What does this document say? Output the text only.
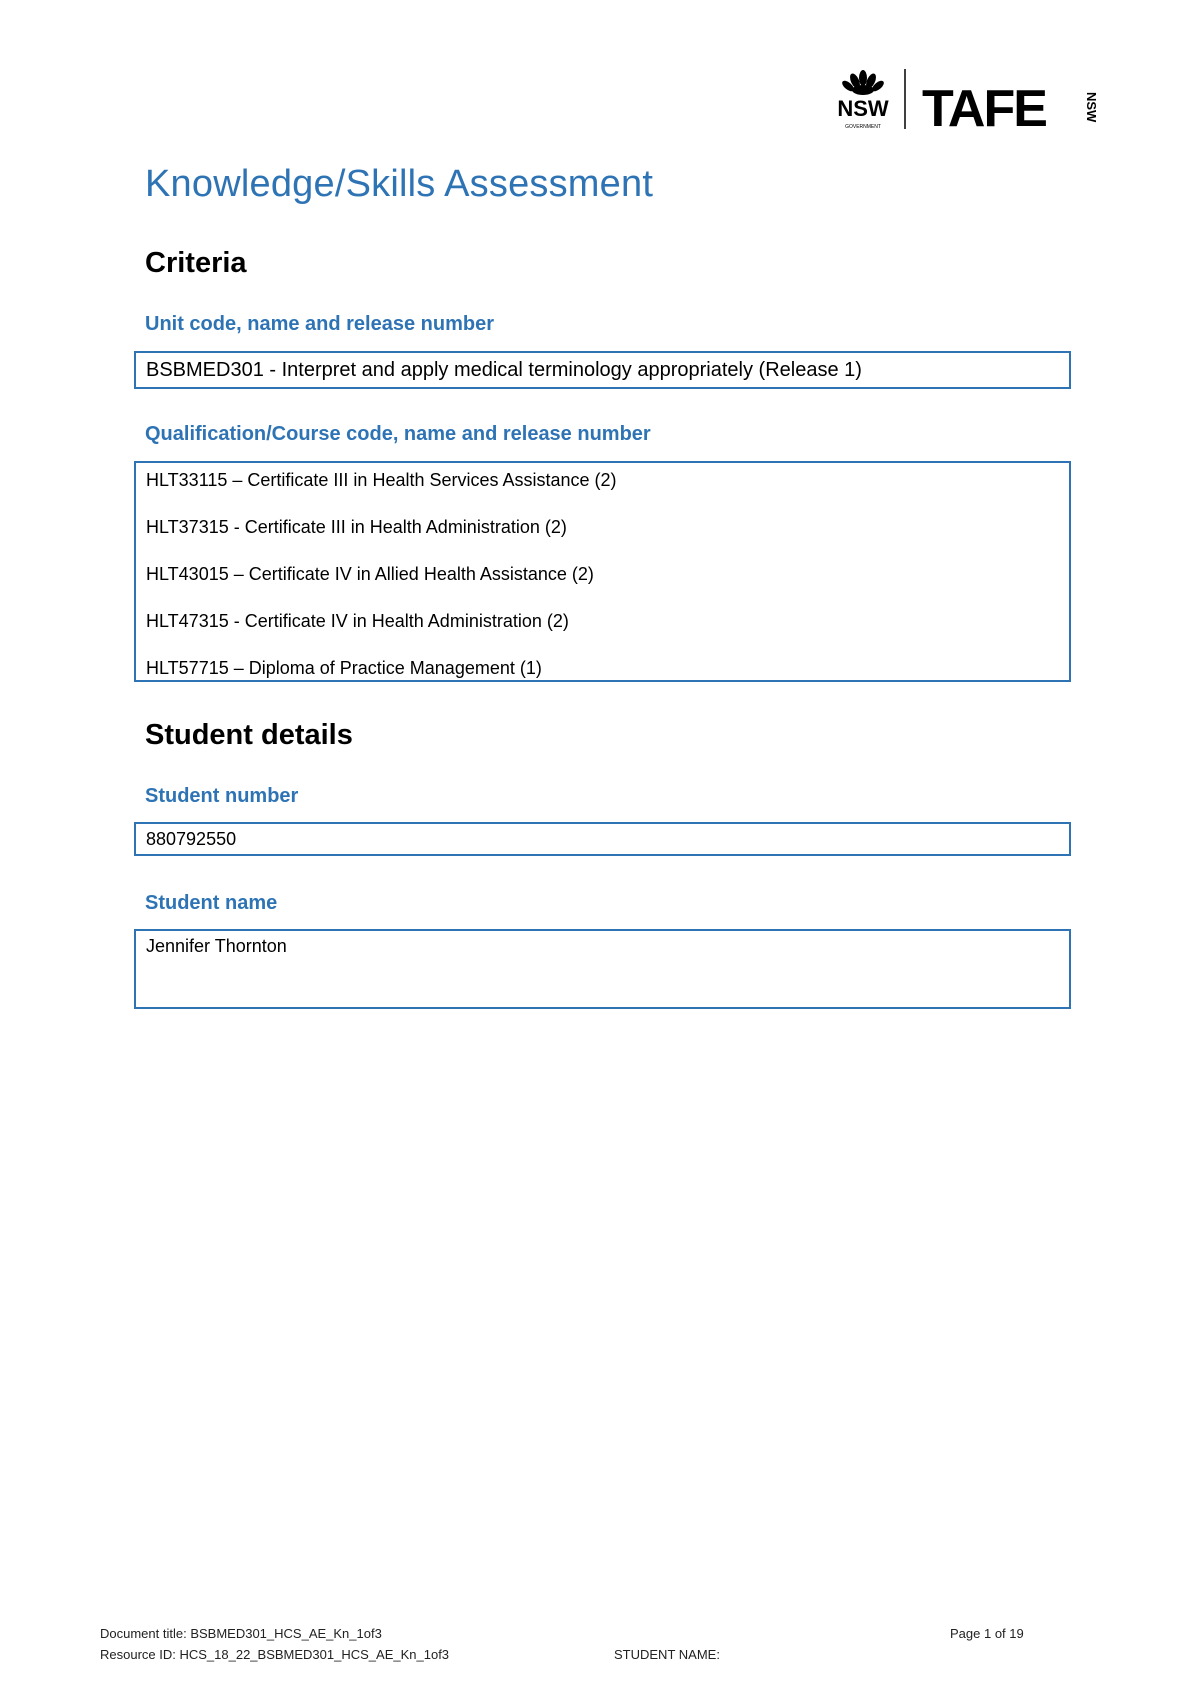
NSW
GOVERNMENT TAFE	NSW
Knowledge/Skills Assessment
Criteria
Unit code, name and release number
BSBMED301 - Interpret and apply medical terminology appropriately (Release 1)
Qualification/Course code, name and release number
HLT33115 – Certificate III in Health Services Assistance (2)
HLT37315 - Certificate III in Health Administration (2)
HLT43015 – Certificate IV in Allied Health Assistance (2)
HLT47315 - Certificate IV in Health Administration (2)
HLT57715 – Diploma of Practice Management (1)
Student details
Student number
880792550
Student name
Jennifer Thornton
Document title: BSBMED301_HCS_AE_Kn_1of3
Resource ID: HCS_18_22_BSBMED301_HCS_AE_Kn_1of3	STUDENT NAME:
Page 1 of 19
